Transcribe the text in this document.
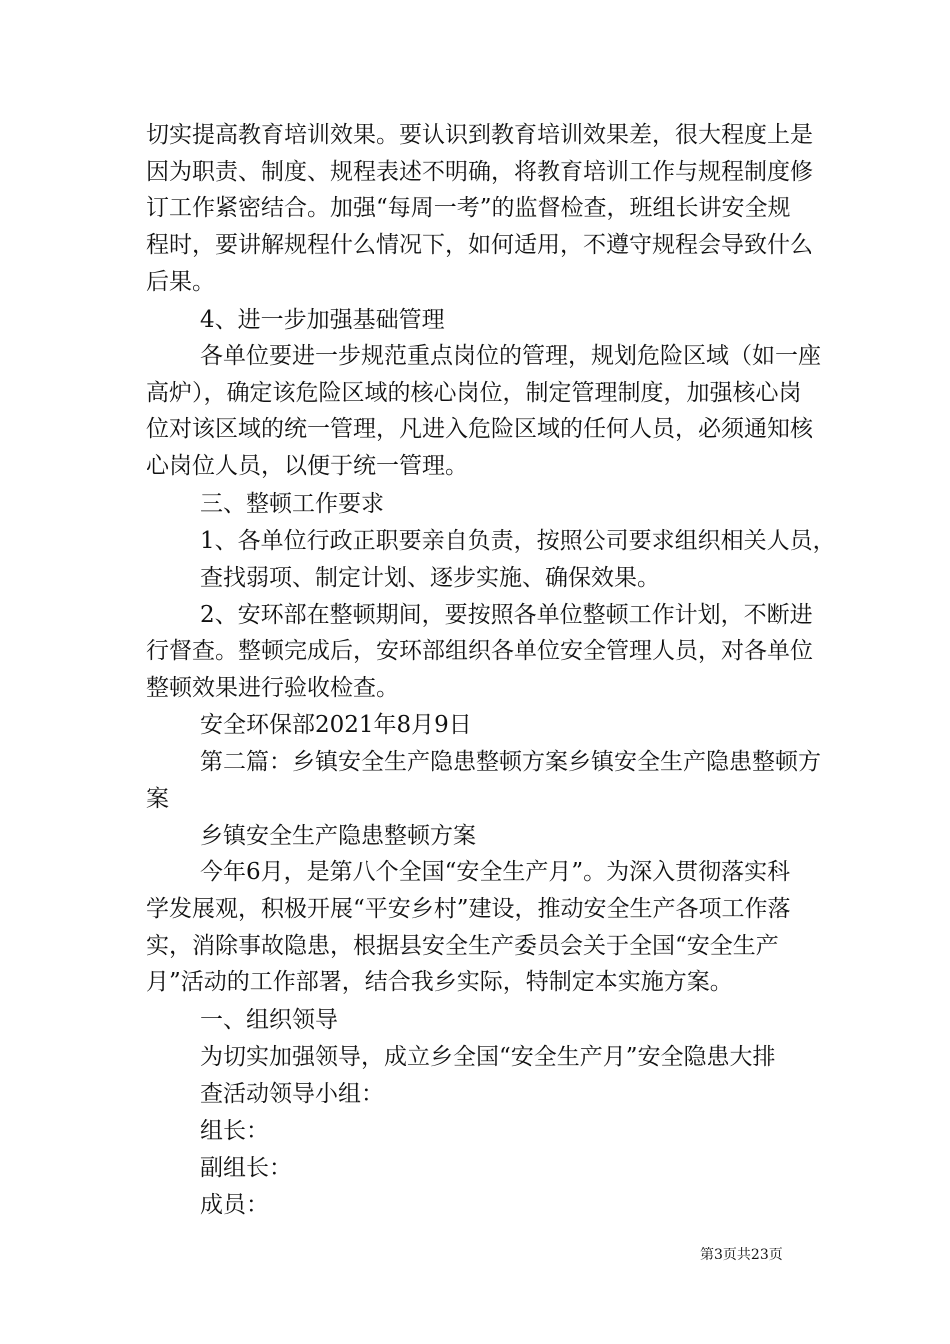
切实提高教育培训效果。要认识到教育培训效果差，很大程度上是
因为职责、制度、规程表述不明确，将教育培训工作与规程制度修
订工作紧密结合。加强“每周一考”的监督检查，班组长讲安全规
程时，要讲解规程什么情况下，如何适用，不遵守规程会导致什么
后果。
4、进一步加强基础管理
各单位要进一步规范重点岗位的管理，规划危险区域（如一座
高炉），确定该危险区域的核心岗位，制定管理制度，加强核心岗
位对该区域的统一管理，凡进入危险区域的任何人员，必须通知核
心岗位人员，以便于统一管理。
三、整顿工作要求
1、各单位行政正职要亲自负责，按照公司要求组织相关人员，
查找弱项、制定计划、逐步实施、确保效果。
2、安环部在整顿期间，要按照各单位整顿工作计划，不断进
行督查。整顿完成后，安环部组织各单位安全管理人员，对各单位
整顿效果进行验收检查。
安全环保部2021年8月9日
第二篇：乡镇安全生产隐患整顿方案乡镇安全生产隐患整顿方
案
乡镇安全生产隐患整顿方案
今年6月，是第八个全国“安全生产月”。为深入贯彻落实科
学发展观，积极开展“平安乡村”建设，推动安全生产各项工作落
实，消除事故隐患，根据县安全生产委员会关于全国“安全生产
月”活动的工作部署，结合我乡实际，特制定本实施方案。
一、组织领导
为切实加强领导，成立乡全国“安全生产月”安全隐患大排
查活动领导小组：
组长：
副组长：
成员：
第3页共23页
